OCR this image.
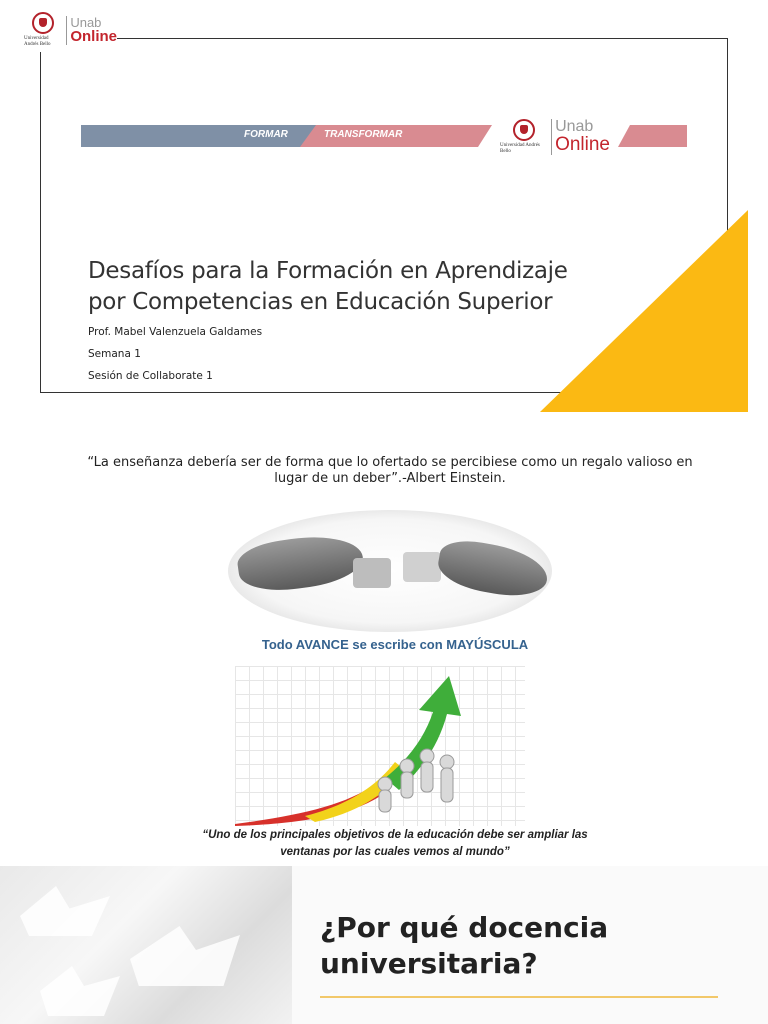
Universidad Andrés Bello
Unab
Online
FORMAR	TRANSFORMAR
Universidad Andrés Bello
Unab
Online
Desafíos para la Formación en Aprendizaje
por Competencias en Educación Superior
Prof. Mabel Valenzuela Galdames
Semana 1
Sesión de Collaborate 1

“La enseñanza debería ser de forma que lo ofertado se percibiese como un regalo valioso en
lugar de un deber”.-Albert Einstein.

Todo AVANCE se escribe con MAYÚSCULA

“Uno de los principales objetivos de la educación debe ser ampliar las
ventanas por las cuales vemos al mundo”

¿Por qué docencia
universitaria?
